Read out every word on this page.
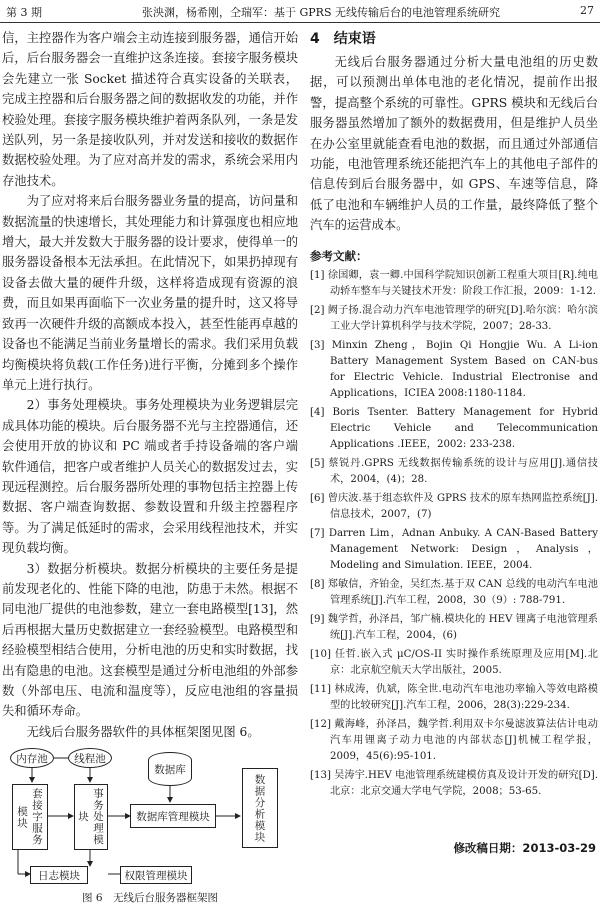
第 3 期	张泱渊，杨希刚，仝瑞军：基于 GPRS 无线传输后台的电池管理系统研究	27

信，主控器作为客户端会主动连接到服务器，通信开始后，后台服务器会一直维护这条连接。套接字服务模块会先建立一张 Socket 描述符合真实设备的关联表，完成主控器和后台服务器之间的数据收发的功能，并作校验处理。套接字服务模块维护着两条队列，一条是发送队列，另一条是接收队列，并对发送和接收的数据作数据校验处理。为了应对高并发的需求，系统会采用内存池技术。

为了应对将来后台服务器业务量的提高，访问量和数据流量的快速增长，其处理能力和计算强度也相应地增大，最大并发数大于服务器的设计要求，使得单一的服务器设备根本无法承担。在此情况下，如果扔掉现有设备去做大量的硬件升级，这样将造成现有资源的浪费，而且如果再面临下一次业务量的提升时，这又将导致再一次硬件升级的高额成本投入，甚至性能再卓越的设备也不能满足当前业务量增长的需求。我们采用负载均衡模块将负载(工作任务)进行平衡，分摊到多个操作单元上进行执行。

2）事务处理模块。事务处理模块为业务逻辑层完成具体功能的模块。后台服务器不光与主控器通信，还会使用开放的协议和 PC 端或者手持设备端的客户端软件通信，把客户或者维护人员关心的数据发过去，实现远程测控。后台服务器所处理的事物包括主控器上传数据、客户端查询数据、参数设置和升级主控器程序等。为了满足低延时的需求，会采用线程池技术，并实现负载均衡。

3）数据分析模块。数据分析模块的主要任务是提前发现老化的、性能下降的电池，防患于未然。根据不同电池厂提供的电池参数，建立一套电路模型[13]，然后再根据大量历史数据建立一套经验模型。电路模型和经验模型相结合使用，分析电池的历史和实时数据，找出有隐患的电池。这套模型是通过分析电池组的外部参数（外部电压、电流和温度等），反应电池组的容量损失和循环寿命。

无线后台服务器软件的具体框架图见图 6。

内存池	线程池
套接字服务模块	事务处理模块
数据库
数据库管理模块	数据分析模块
日志模块	权限管理模块

图 6　无线后台服务器框架图

4　结束语

无线后台服务器通过分析大量电池组的历史数据，可以预测出单体电池的老化情况，提前作出报警，提高整个系统的可靠性。GPRS 模块和无线后台服务器虽然增加了额外的数据费用，但是维护人员坐在办公室里就能查看电池的数据，而且通过外部通信功能，电池管理系统还能把汽车上的其他电子部件的信息传到后台服务器中，如 GPS、车速等信息，降低了电池和车辆维护人员的工作量，最终降低了整个汽车的运营成本。

参考文献：

[1] 徐国卿，袁一卿.中国科学院知识创新工程重大项目[R].纯电动轿车整车与关键技术开发：阶段工作汇报，2009：1-12.

[2] 阙子扬.混合动力汽车电池管理学的研究[D].哈尔滨：哈尔滨工业大学计算机科学与技术学院，2007；28-33.

[3] Minxin Zheng，Bojin Qi Hongjie Wu. A Li-ion Battery Management System Based on CAN-bus for Electric Vehicle. Industrial Electronise and Applications，ICIEA 2008:1180-1184.

[4] Boris Tsenter. Battery Management for Hybrid Electric Vehicle and Telecommunication Applications .IEEE，2002: 233-238.

[5] 蔡锐丹.GPRS 无线数据传输系统的设计与应用[J].通信技术，2004，(4)；28.

[6] 曾庆波.基于组态软件及 GPRS 技术的原车热网监控系统[J].信息技术，2007，(7)

[7] Darren Lim，Adnan Anbuky. A CAN-Based Battery Management Network: Design，Analysis，Modeling and Simulation. IEEE，2004.

[8] 郑敏信，齐铂金，吴红杰.基于双 CAN 总线的电动汽车电池管理系统[J].汽车工程，2008，30（9）: 788-791.

[9] 魏学哲，孙泽昌，邹广楠.模块化的 HEV 锂离子电池管理系统[J].汽车工程，2004，(6)

[10] 任哲.嵌入式 μC/OS-II 实时操作系统原理及应用[M].北京：北京航空航天大学出版社，2005.

[11] 林成涛，仇斌，陈全世.电动汽车电池功率输入等效电路模型的比较研究[J].汽车工程，2006，28(3):229-234.

[12] 戴海峰，孙泽昌，魏学哲.利用双卡尔曼滤波算法估计电动汽车用锂离子动力电池的内部状态[J]机械工程学报，2009，45(6):95-101.

[13] 吴涛宇.HEV 电池管理系统建模仿真及设计开发的研究[D].北京：北京交通大学电气学院，2008；53-65.

修改稿日期：2013-03-29
